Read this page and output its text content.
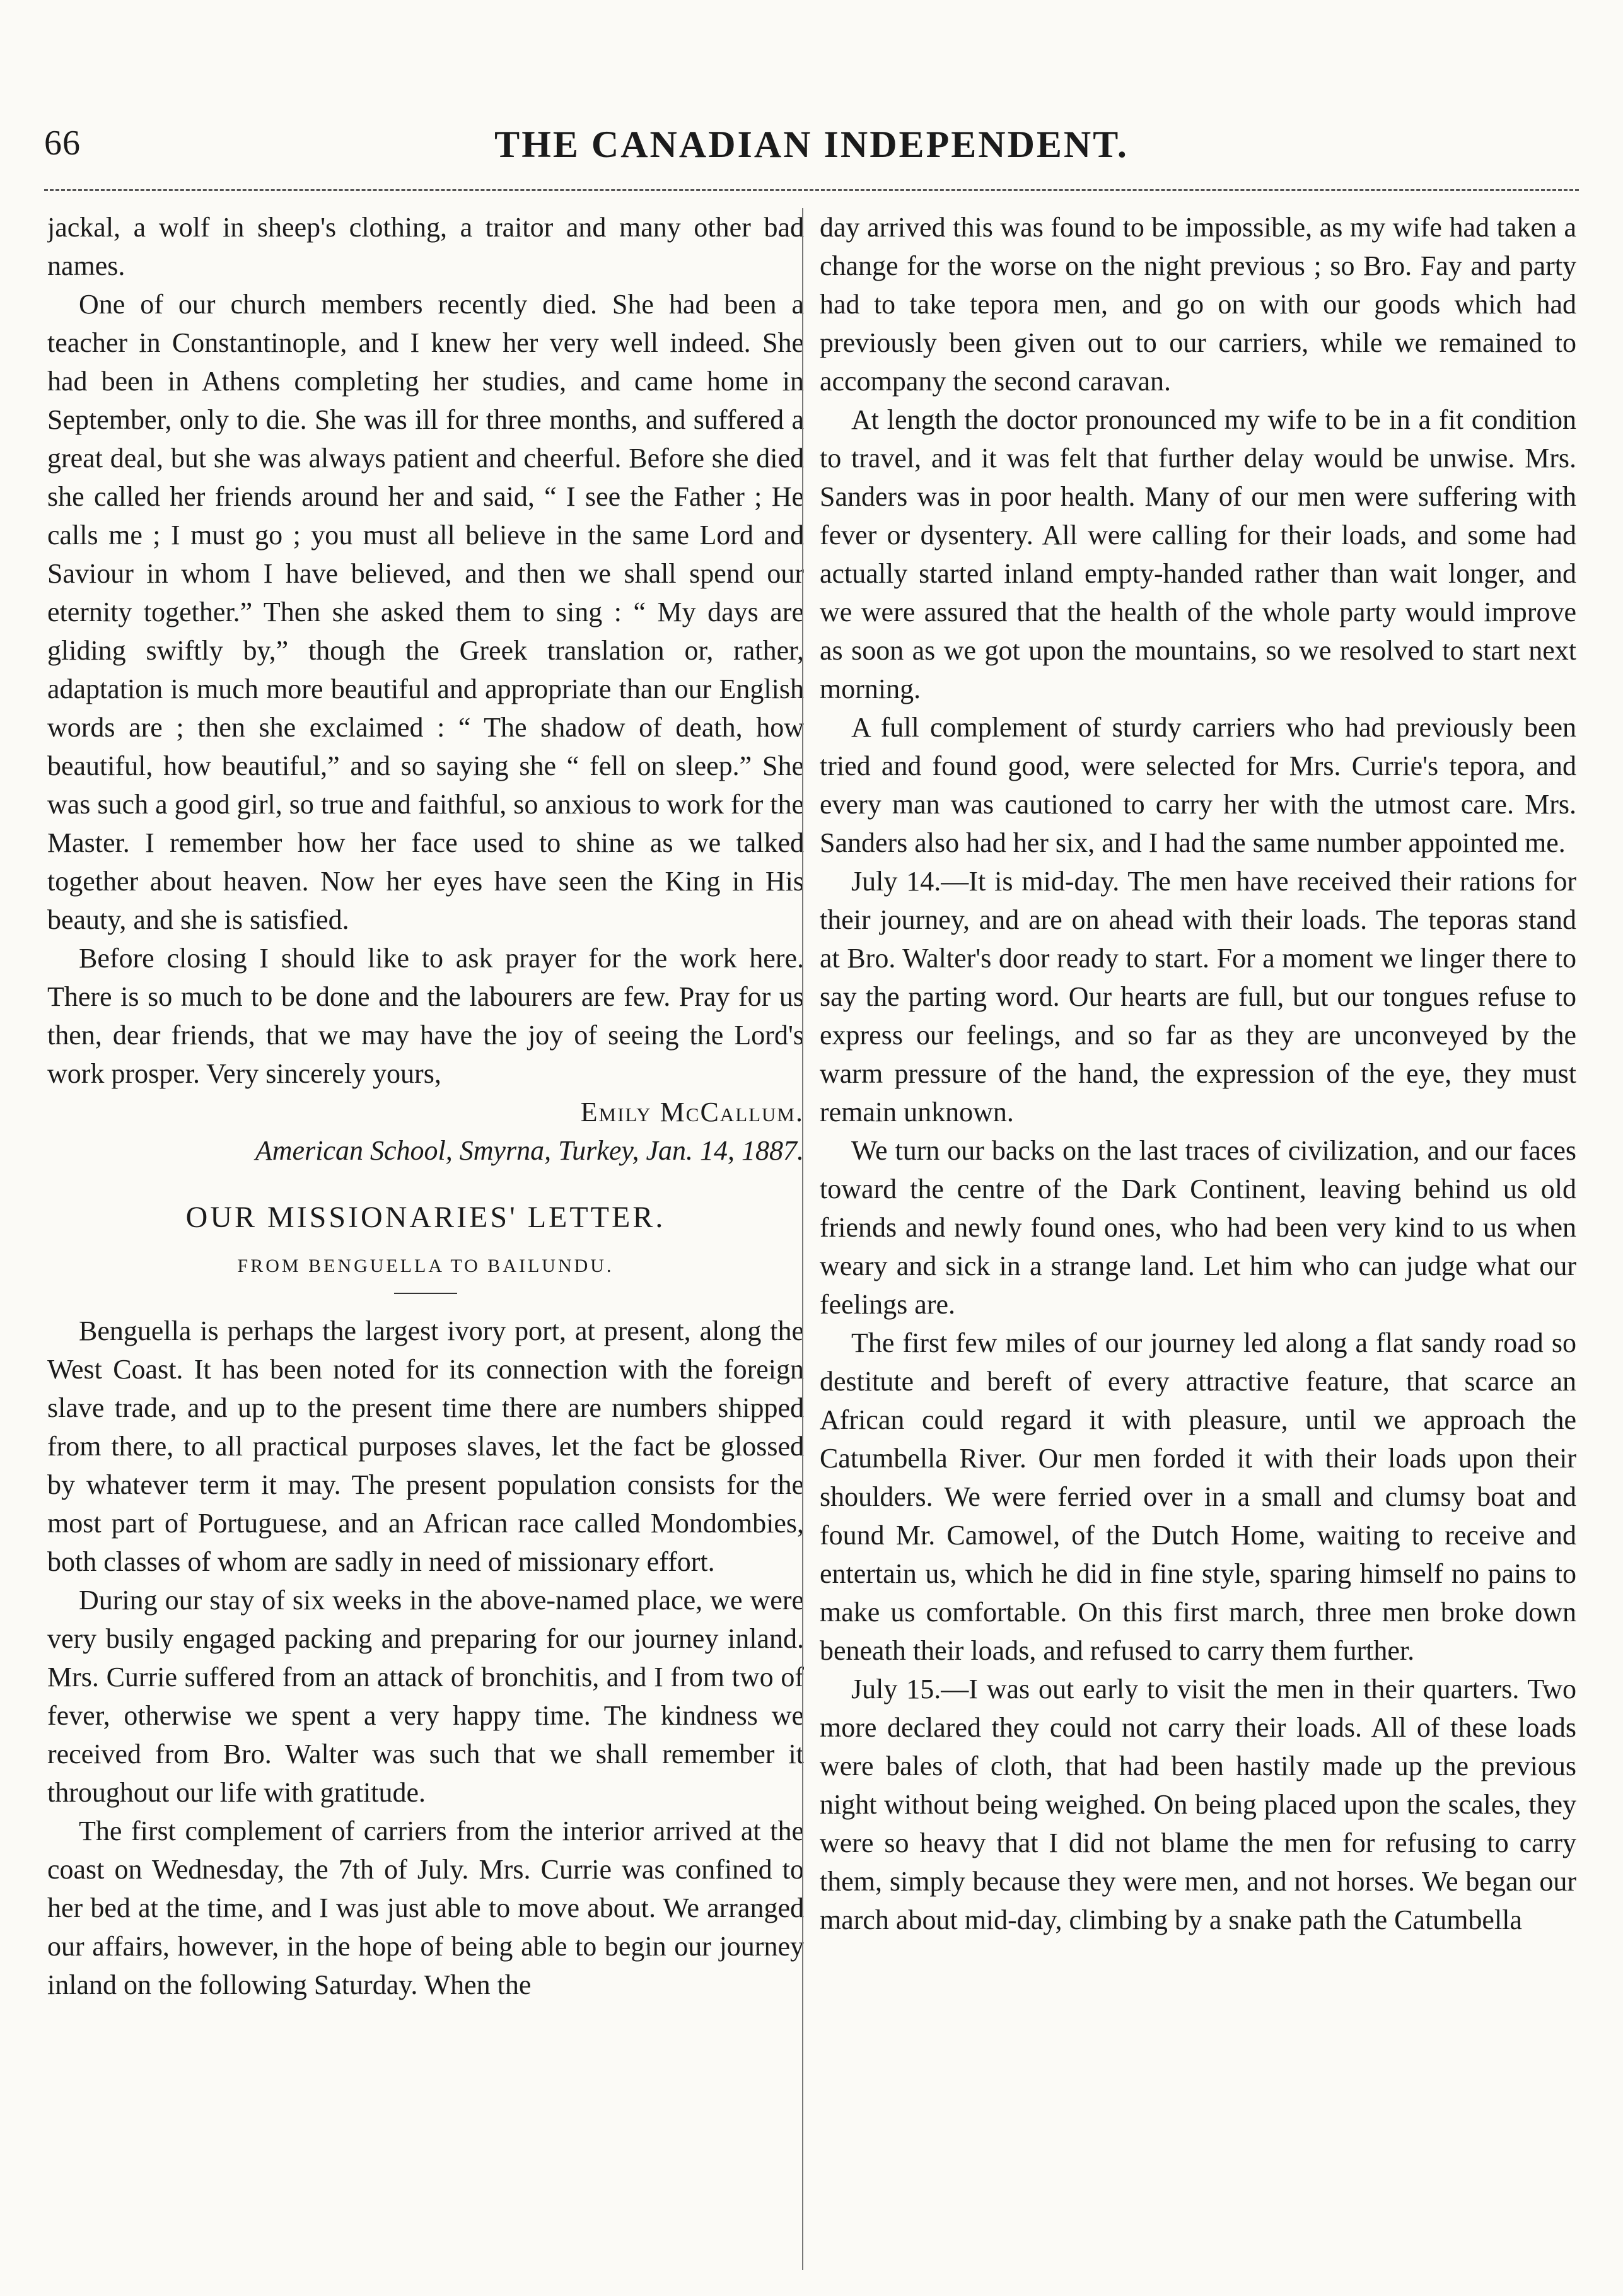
66	THE CANADIAN INDEPENDENT.

jackal, a wolf in sheep's clothing, a traitor and many other bad names.

One of our church members recently died. She had been a teacher in Constantinople, and I knew her very well indeed. She had been in Athens completing her studies, and came home in September, only to die. She was ill for three months, and suffered a great deal, but she was always patient and cheerful. Before she died she called her friends around her and said, “ I see the Father ; He calls me ; I must go ; you must all believe in the same Lord and Saviour in whom I have believed, and then we shall spend our eternity together.” Then she asked them to sing : “ My days are gliding swiftly by,” though the Greek translation or, rather, adaptation is much more beautiful and appropriate than our English words are ; then she exclaimed : “ The shadow of death, how beautiful, how beautiful,” and so saying she “ fell on sleep.” She was such a good girl, so true and faithful, so anxious to work for the Master. I remember how her face used to shine as we talked together about heaven. Now her eyes have seen the King in His beauty, and she is satisfied.

Before closing I should like to ask prayer for the work here. There is so much to be done and the labourers are few. Pray for us then, dear friends, that we may have the joy of seeing the Lord's work prosper. Very sincerely yours,

Emily McCallum.
American School, Smyrna, Turkey, Jan. 14, 1887.
OUR MISSIONARIES' LETTER.
FROM BENGUELLA TO BAILUNDU.

Benguella is perhaps the largest ivory port, at present, along the West Coast. It has been noted for its connection with the foreign slave trade, and up to the present time there are numbers shipped from there, to all practical purposes slaves, let the fact be glossed by whatever term it may. The present population consists for the most part of Portuguese, and an African race called Mondombies, both classes of whom are sadly in need of missionary effort.

During our stay of six weeks in the above-named place, we were very busily engaged packing and preparing for our journey inland. Mrs. Currie suffered from an attack of bronchitis, and I from two of fever, otherwise we spent a very happy time. The kindness we received from Bro. Walter was such that we shall remember it throughout our life with gratitude.

The first complement of carriers from the interior arrived at the coast on Wednesday, the 7th of July. Mrs. Currie was confined to her bed at the time, and I was just able to move about. We arranged our affairs, however, in the hope of being able to begin our journey inland on the following Saturday. When the

day arrived this was found to be impossible, as my wife had taken a change for the worse on the night previous ; so Bro. Fay and party had to take tepora men, and go on with our goods which had previously been given out to our carriers, while we remained to accompany the second caravan.

At length the doctor pronounced my wife to be in a fit condition to travel, and it was felt that further delay would be unwise. Mrs. Sanders was in poor health. Many of our men were suffering with fever or dysentery. All were calling for their loads, and some had actually started inland empty-handed rather than wait longer, and we were assured that the health of the whole party would improve as soon as we got upon the mountains, so we resolved to start next morning.

A full complement of sturdy carriers who had previously been tried and found good, were selected for Mrs. Currie's tepora, and every man was cautioned to carry her with the utmost care. Mrs. Sanders also had her six, and I had the same number appointed me.

July 14.—It is mid-day. The men have received their rations for their journey, and are on ahead with their loads. The teporas stand at Bro. Walter's door ready to start. For a moment we linger there to say the parting word. Our hearts are full, but our tongues refuse to express our feelings, and so far as they are unconveyed by the warm pressure of the hand, the expression of the eye, they must remain unknown.

We turn our backs on the last traces of civilization, and our faces toward the centre of the Dark Continent, leaving behind us old friends and newly found ones, who had been very kind to us when weary and sick in a strange land. Let him who can judge what our feelings are.

The first few miles of our journey led along a flat sandy road so destitute and bereft of every attractive feature, that scarce an African could regard it with pleasure, until we approach the Catumbella River. Our men forded it with their loads upon their shoulders. We were ferried over in a small and clumsy boat and found Mr. Camowel, of the Dutch Home, waiting to receive and entertain us, which he did in fine style, sparing himself no pains to make us comfortable. On this first march, three men broke down beneath their loads, and refused to carry them further.

July 15.—I was out early to visit the men in their quarters. Two more declared they could not carry their loads. All of these loads were bales of cloth, that had been hastily made up the previous night without being weighed. On being placed upon the scales, they were so heavy that I did not blame the men for refusing to carry them, simply because they were men, and not horses. We began our march about mid-day, climbing by a snake path the Catumbella
